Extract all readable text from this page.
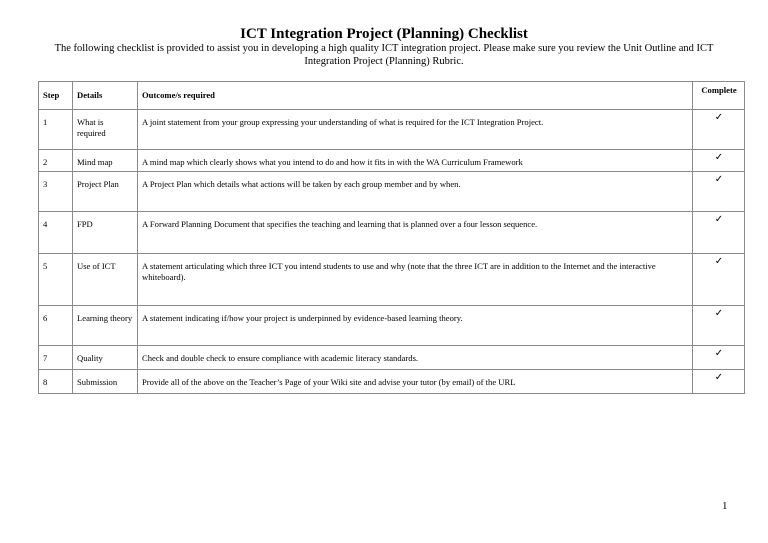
ICT Integration Project (Planning) Checklist
The following checklist is provided to assist you in developing a high quality ICT integration project. Please make sure you review the Unit Outline and ICT Integration Project (Planning) Rubric.
Step	Details	Outcome/s required	Complete
1	What is required	A joint statement from your group expressing your understanding of what is required for the ICT Integration Project.	✓
2	Mind map	A mind map which clearly shows what you intend to do and how it fits in with the WA Curriculum Framework	✓
3	Project Plan	A Project Plan which details what actions will be taken by each group member and by when.	✓
4	FPD	A Forward Planning Document that specifies the teaching and learning that is planned over a four lesson sequence.	✓
5	Use of ICT	A statement articulating which three ICT you intend students to use and why (note that the three ICT are in addition to the Internet and the interactive whiteboard).	✓
6	Learning theory	A statement indicating if/how your project is underpinned by evidence-based learning theory.	✓
7	Quality	Check and double check to ensure compliance with academic literacy standards.	✓
8	Submission	Provide all of the above on the Teacher’s Page of your Wiki site and advise your tutor (by email) of the URL	✓
1
